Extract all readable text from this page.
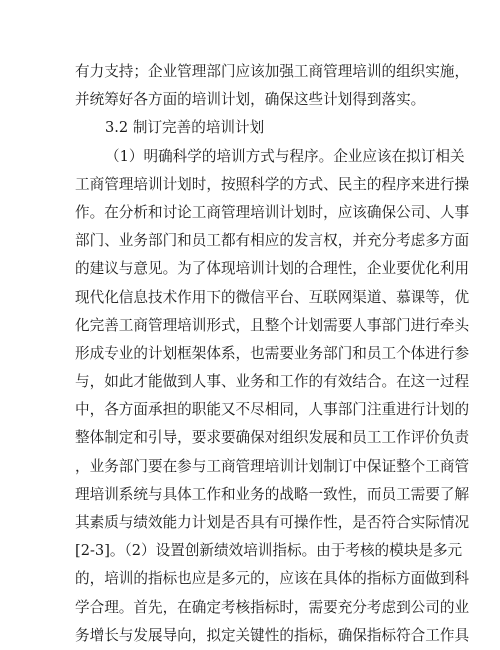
有力支持；企业管理部门应该加强工商管理培训的组织实施，
并统筹好各方面的培训计划，确保这些计划得到落实。
3.2 制订完善的培训计划
（1）明确科学的培训方式与程序。企业应该在拟订相关
工商管理培训计划时，按照科学的方式、民主的程序来进行操
作。在分析和讨论工商管理培训计划时，应该确保公司、人事
部门、业务部门和员工都有相应的发言权，并充分考虑多方面
的建议与意见。为了体现培训计划的合理性，企业要优化利用
现代化信息技术作用下的微信平台、互联网渠道、慕课等，优
化完善工商管理培训形式，且整个计划需要人事部门进行牵头
形成专业的计划框架体系，也需要业务部门和员工个体进行参
与，如此才能做到人事、业务和工作的有效结合。在这一过程
中，各方面承担的职能又不尽相同，人事部门注重进行计划的
整体制定和引导，要求要确保对组织发展和员工工作评价负责
，业务部门要在参与工商管理培训计划制订中保证整个工商管
理培训系统与具体工作和业务的战略一致性，而员工需要了解
其素质与绩效能力计划是否具有可操作性，是否符合实际情况
[2-3]。（2）设置创新绩效培训指标。由于考核的模块是多元
的，培训的指标也应是多元的，应该在具体的指标方面做到科
学合理。首先，在确定考核指标时，需要充分考虑到公司的业
务增长与发展导向，拟定关键性的指标，确保指标符合工作具
